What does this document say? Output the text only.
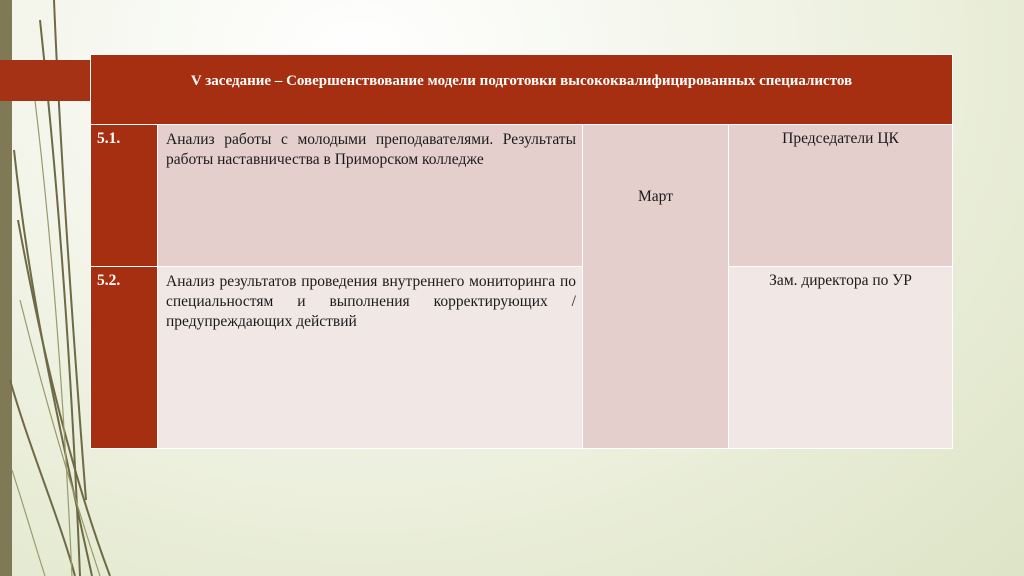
V заседание – Совершенствование модели подготовки высококвалифицированных специалистов			
5.1.	Анализ работы с молодыми преподавателями. Результаты работы наставничества в Приморском колледже	Март	Председатели ЦК
5.2.	Анализ результатов проведения внутреннего мониторинга по специальностям и выполнения корректирующих /предупреждающих действий		Зам. директора по УР
